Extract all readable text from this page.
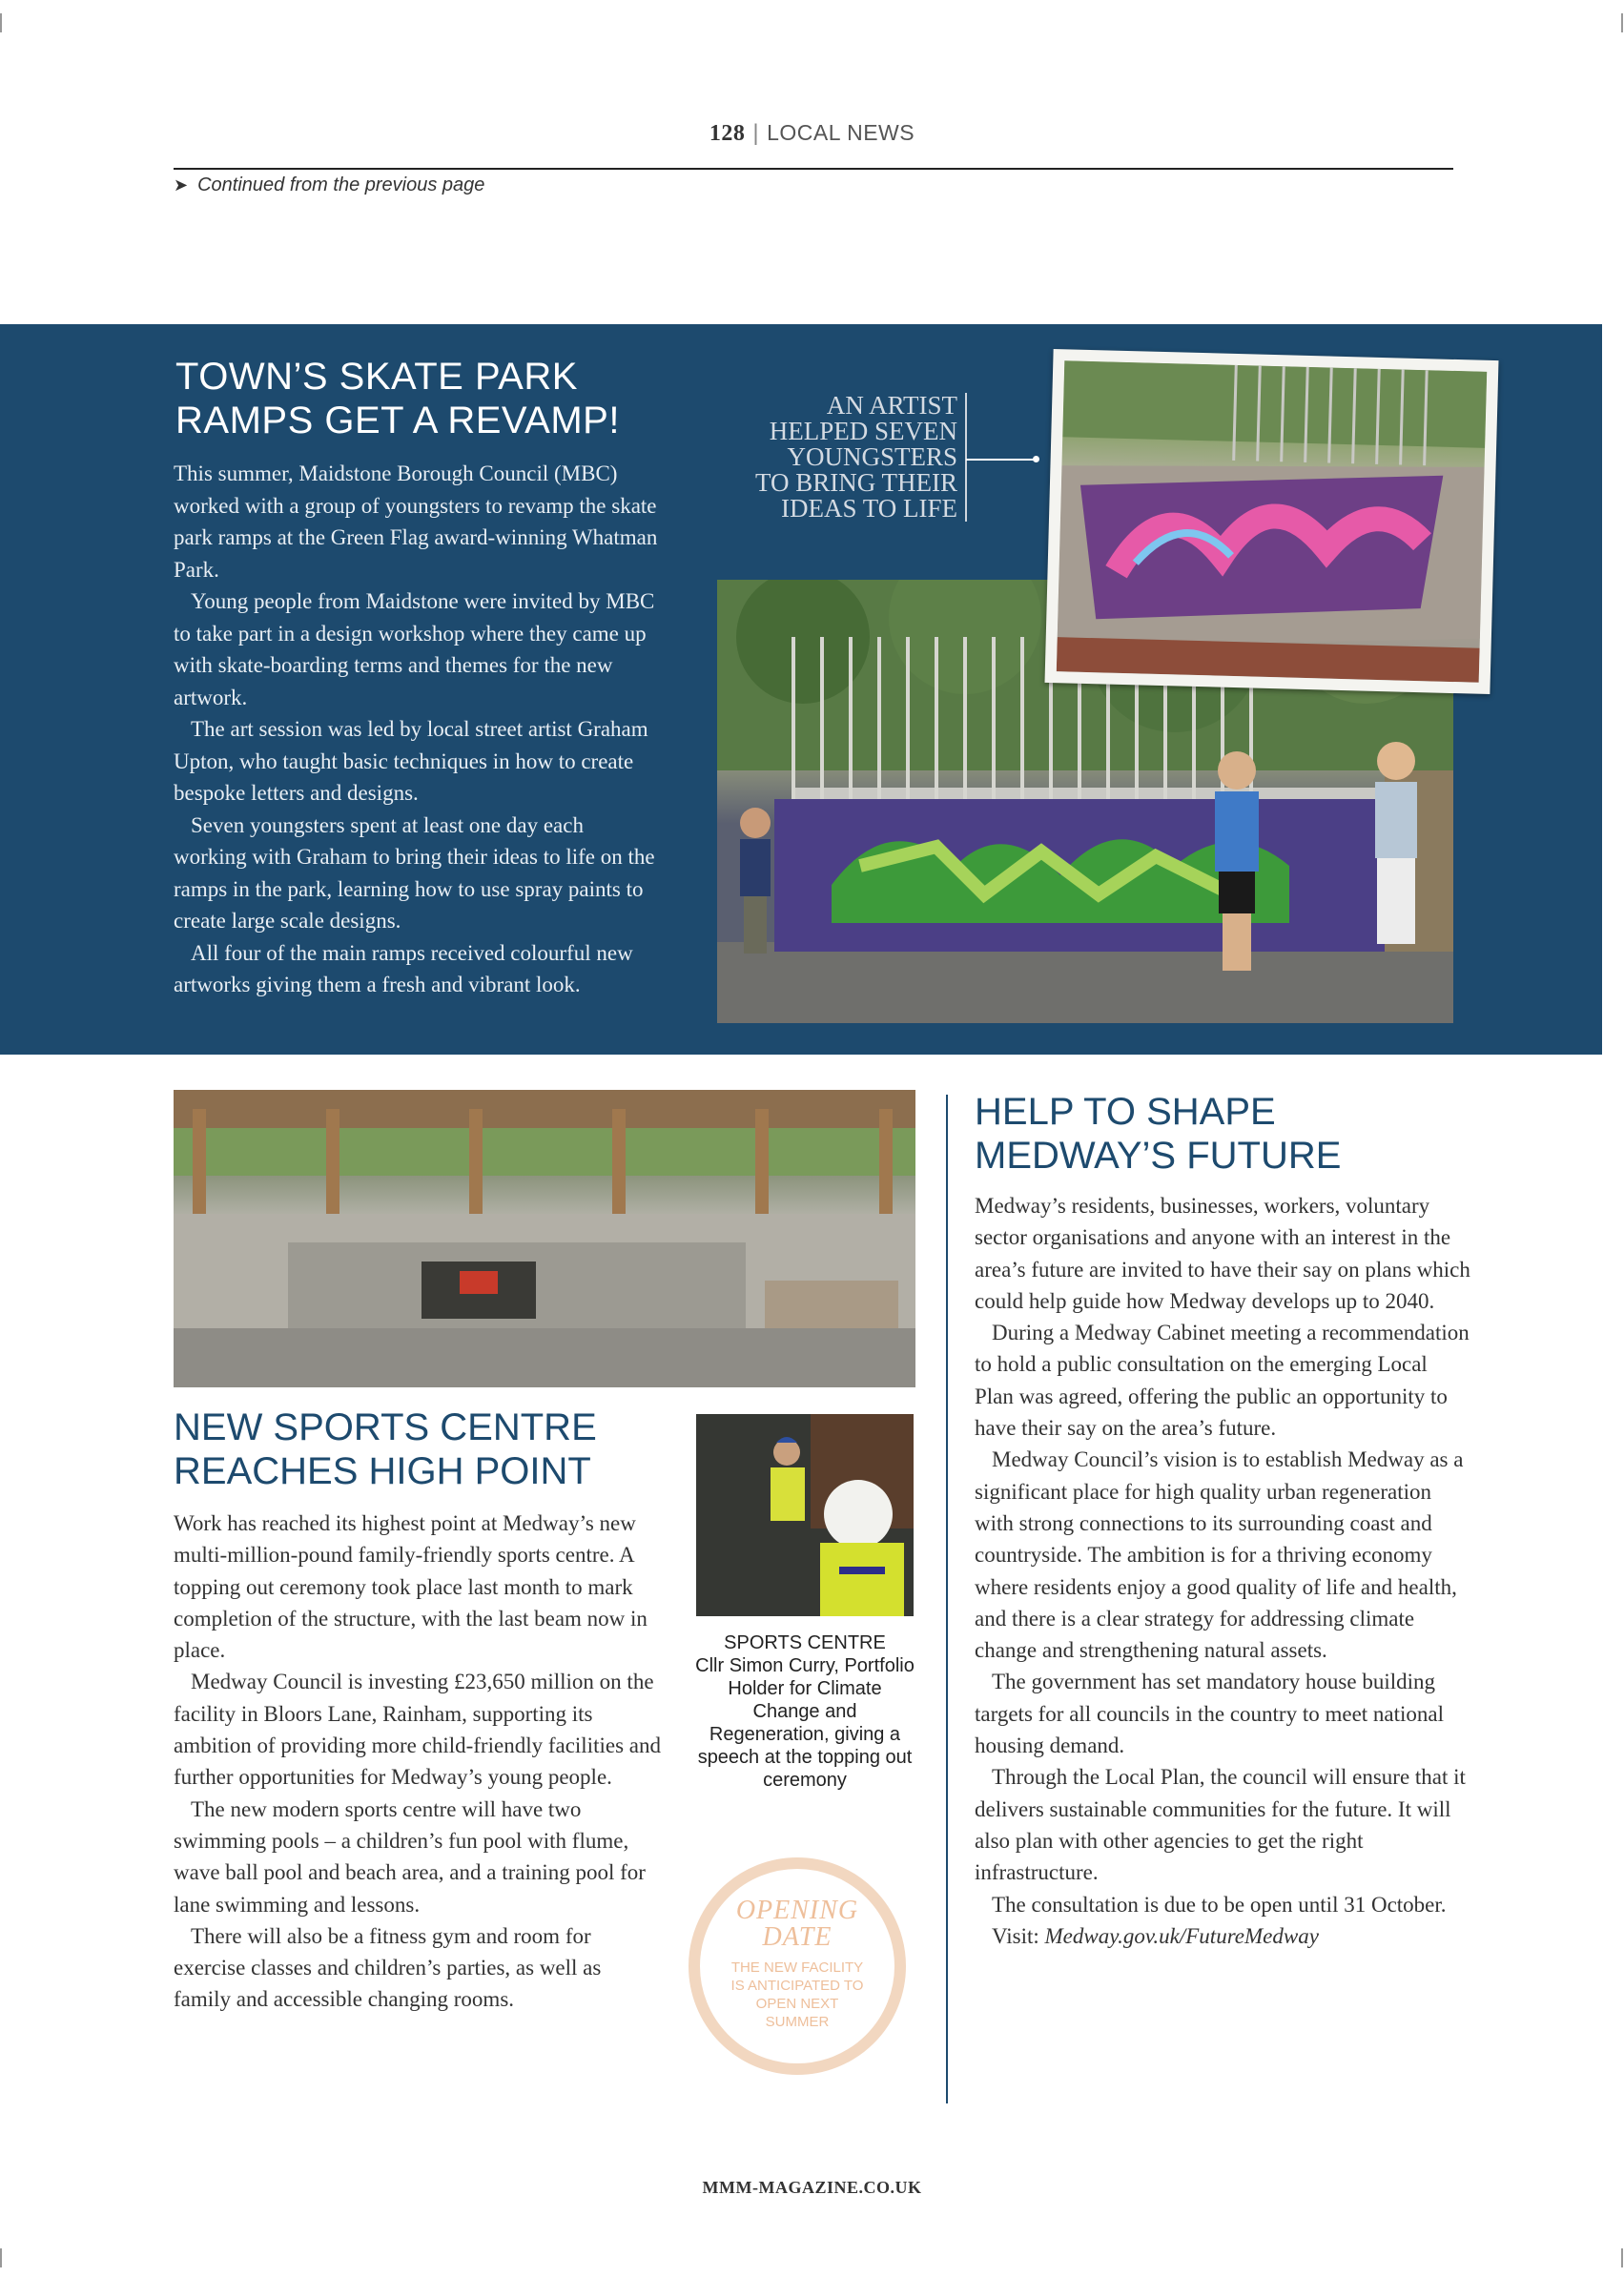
128 | LOCAL NEWS
➤ Continued from the previous page
TOWN’S SKATE PARK
RAMPS GET A REVAMP!

This summer, Maidstone Borough Council (MBC) worked with a group of youngsters to revamp the skate park ramps at the Green Flag award-winning Whatman Park.

Young people from Maidstone were invited by MBC to take part in a design workshop where they came up with skate-boarding terms and themes for the new artwork.

The art session was led by local street artist Graham Upton, who taught basic techniques in how to create bespoke letters and designs.

Seven youngsters spent at least one day each working with Graham to bring their ideas to life on the ramps in the park, learning how to use spray paints to create large scale designs.

All four of the main ramps received colourful new artworks giving them a fresh and vibrant look.

AN ARTIST
HELPED SEVEN
YOUNGSTERS
TO BRING THEIR
IDEAS TO LIFE
NEW SPORTS CENTRE
REACHES HIGH POINT

Work has reached its highest point at Medway’s new multi-million-pound family-friendly sports centre. A topping out ceremony took place last month to mark completion of the structure, with the last beam now in place.

Medway Council is investing £23,650 million on the facility in Bloors Lane, Rainham, supporting its ambition of providing more child-friendly facilities and further opportunities for Medway’s young people.

The new modern sports centre will have two swimming pools – a children’s fun pool with flume, wave ball pool and beach area, and a training pool for lane swimming and lessons.

There will also be a fitness gym and room for exercise classes and children’s parties, as well as family and accessible changing rooms.

SPORTS CENTRE
Cllr Simon Curry, Portfolio Holder for Climate Change and Regeneration, giving a speech at the topping out ceremony
OPENING
DATE
THE NEW FACILITY IS ANTICIPATED TO OPEN NEXT SUMMER
HELP TO SHAPE
MEDWAY’S FUTURE

Medway’s residents, businesses, workers, voluntary sector organisations and anyone with an interest in the area’s future are invited to have their say on plans which could help guide how Medway develops up to 2040.

During a Medway Cabinet meeting a recommendation to hold a public consultation on the emerging Local Plan was agreed, offering the public an opportunity to have their say on the area’s future.

Medway Council’s vision is to establish Medway as a significant place for high quality urban regeneration with strong connections to its surrounding coast and countryside. The ambition is for a thriving economy where residents enjoy a good quality of life and health, and there is a clear strategy for addressing climate change and strengthening natural assets.

The government has set mandatory house building targets for all councils in the country to meet national housing demand.

Through the Local Plan, the council will ensure that it delivers sustainable communities for the future. It will also plan with other agencies to get the right infrastructure.

The consultation is due to be open until 31 October.

Visit: Medway.gov.uk/FutureMedway

MMM-MAGAZINE.CO.UK
